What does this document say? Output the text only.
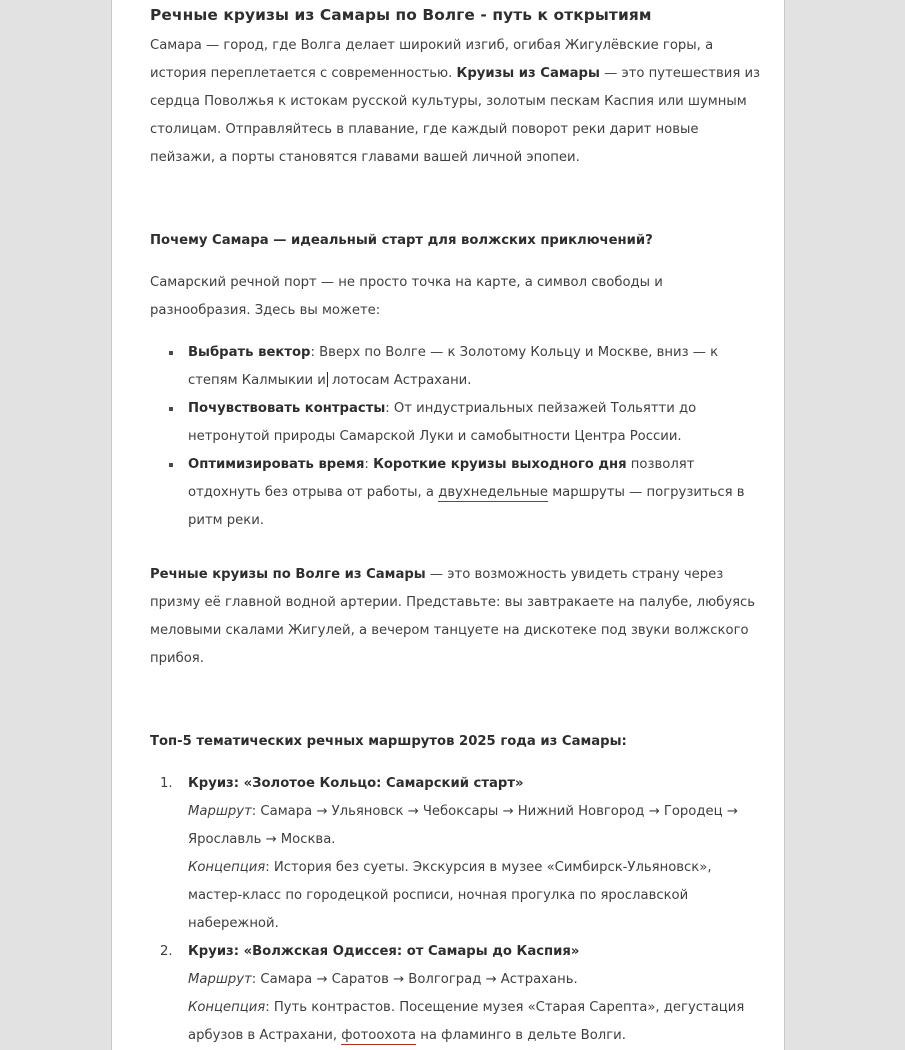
Речные круизы из Самары по Волге - путь к открытиям

Самара — город, где Волга делает широкий изгиб, огибая Жигулёвские горы, а история переплетается с современностью. Круизы из Самары — это путешествия из сердца Поволжья к истокам русской культуры, золотым пескам Каспия или шумным столицам. Отправляйтесь в плавание, где каждый поворот реки дарит новые пейзажи, а порты становятся главами вашей личной эпопеи.

Почему Самара — идеальный старт для волжских приключений?

Самарский речной порт — не просто точка на карте, а символ свободы и разнообразия. Здесь вы можете:

Выбрать вектор: Вверх по Волге — к Золотому Кольцу и Москве, вниз — к степям Калмыкии и лотосам Астрахани.
Почувствовать контрасты: От индустриальных пейзажей Тольятти до нетронутой природы Самарской Луки и самобытности Центра России.
Оптимизировать время: Короткие круизы выходного дня позволят отдохнуть без отрыва от работы, а двухнедельные маршруты — погрузиться в ритм реки.

Речные круизы по Волге из Самары — это возможность увидеть страну через призму её главной водной артерии. Представьте: вы завтракаете на палубе, любуясь меловыми скалами Жигулей, а вечером танцуете на дискотеке под звуки волжского прибоя.

Топ-5 тематических речных маршрутов 2025 года из Самары:
Круиз: «Золотое Кольцо: Самарский старт»
Маршрут: Самара → Ульяновск → Чебоксары → Нижний Новгород → Городец → Ярославль → Москва.
Концепция: История без суеты. Экскурсия в музее «Симбирск-Ульяновск», мастер-класс по городецкой росписи, ночная прогулка по ярославской набережной.
Круиз: «Волжская Одиссея: от Самары до Каспия»
Маршрут: Самара → Саратов → Волгоград → Астрахань.
Концепция: Путь контрастов. Посещение музея «Старая Сарепта», дегустация арбузов в Астрахани, фотоохота на фламинго в дельте Волги.
